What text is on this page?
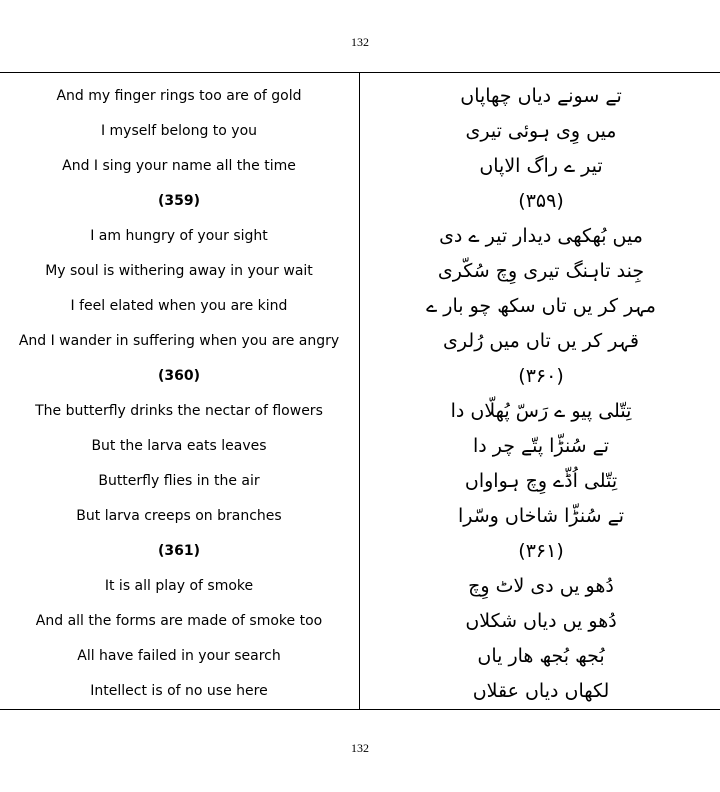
132
And my finger rings too are of gold	تے سونے دیاں چھاپاں
I myself belong to you	میں وِی ہوئی تیری
And I sing your name all the time	تیر ے راگ الاپاں
(359)	(۳۵۹)
I am hungry of your sight	میں بُھکھی دیدار تیر ے دی
My soul is withering away in your wait	جِند تاہنگ تیری وِچ سُکّری
I feel elated when you are kind	مہر کر یں تاں سکھ چو بار ے
And I wander in suffering when you are angry	قہر کر یں تاں میں رُلری
(360)	(۳۶۰)
The butterfly drinks the nectar of flowers	تِتّلی پیو ے رَسّ پُھلّاں دا
But the larva eats leaves	تے سُنڑّا پتّے چر دا
Butterfly flies in the air	تِتّلی اُڈّے وِچ ہواواں
But larva creeps on branches	تے سُنڑّا شاخاں وسّرا
(361)	(۳۶۱)
It is all play of smoke	دُھو یں دی لاٹ وِچ
And all the forms are made of smoke too	دُھو یں دیاں شکلاں
All have failed in your search	بُجھ بُجھ ھار یاں
Intellect is of no use here	لکھاں دیاں عقلاں
132
